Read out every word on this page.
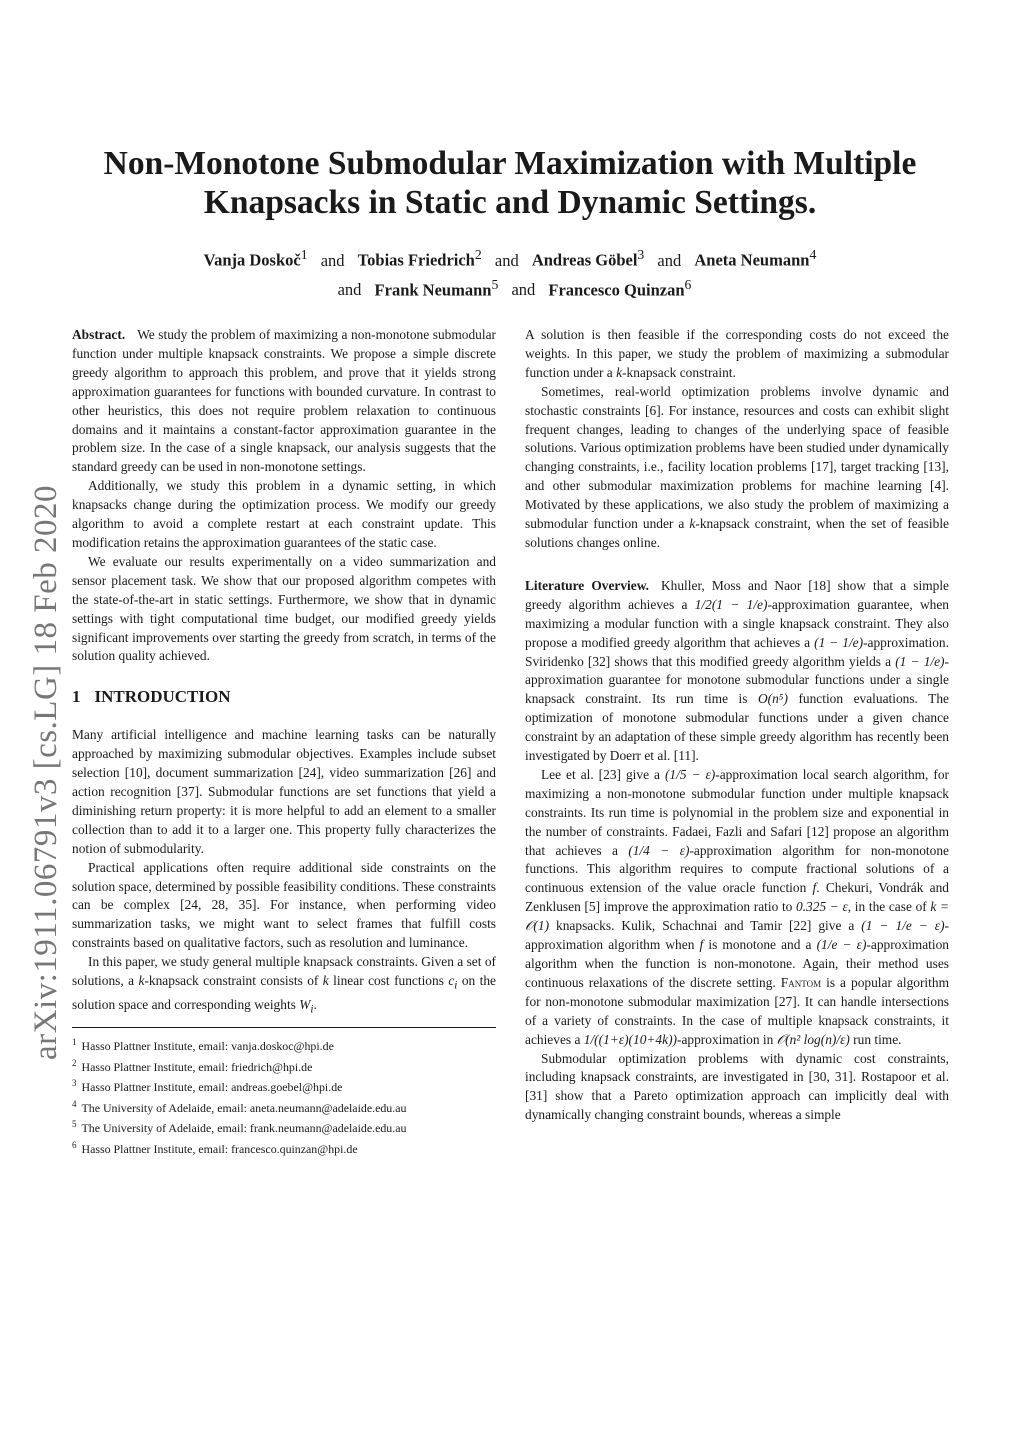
arXiv:1911.06791v3 [cs.LG] 18 Feb 2020
Non-Monotone Submodular Maximization with Multiple
Knapsacks in Static and Dynamic Settings.
Vanja Doskoč$^1$ and Tobias Friedrich$^2$ and Andreas Göbel$^3$ and Aneta Neumann$^4$
and Frank Neumann$^5$ and Francesco Quinzan$^6$

Abstract. We study the problem of maximizing a non-monotone submodular function under multiple knapsack constraints. We propose a simple discrete greedy algorithm to approach this problem, and prove that it yields strong approximation guarantees for functions with bounded curvature. In contrast to other heuristics, this does not require problem relaxation to continuous domains and it maintains a constant-factor approximation guarantee in the problem size. In the case of a single knapsack, our analysis suggests that the standard greedy can be used in non-monotone settings.

Additionally, we study this problem in a dynamic setting, in which knapsacks change during the optimization process. We modify our greedy algorithm to avoid a complete restart at each constraint update. This modification retains the approximation guarantees of the static case.

We evaluate our results experimentally on a video summarization and sensor placement task. We show that our proposed algorithm competes with the state-of-the-art in static settings. Furthermore, we show that in dynamic settings with tight computational time budget, our modified greedy yields significant improvements over starting the greedy from scratch, in terms of the solution quality achieved.

1 INTRODUCTION

Many artificial intelligence and machine learning tasks can be naturally approached by maximizing submodular objectives. Examples include subset selection [10], document summarization [24], video summarization [26] and action recognition [37]. Submodular functions are set functions that yield a diminishing return property: it is more helpful to add an element to a smaller collection than to add it to a larger one. This property fully characterizes the notion of submodularity.

Practical applications often require additional side constraints on the solution space, determined by possible feasibility conditions. These constraints can be complex [24, 28, 35]. For instance, when performing video summarization tasks, we might want to select frames that fulfill costs constraints based on qualitative factors, such as resolution and luminance.

In this paper, we study general multiple knapsack constraints. Given a set of solutions, a k-knapsack constraint consists of k linear cost functions $c_i$ on the solution space and corresponding weights $W_i$.

$^1$ Hasso Plattner Institute, email: vanja.doskoc@hpi.de
$^2$ Hasso Plattner Institute, email: friedrich@hpi.de
$^3$ Hasso Plattner Institute, email: andreas.goebel@hpi.de
$^4$ The University of Adelaide, email: aneta.neumann@adelaide.edu.au
$^5$ The University of Adelaide, email: frank.neumann@adelaide.edu.au
$^6$ Hasso Plattner Institute, email: francesco.quinzan@hpi.de

A solution is then feasible if the corresponding costs do not exceed the weights. In this paper, we study the problem of maximizing a submodular function under a k-knapsack constraint.

Sometimes, real-world optimization problems involve dynamic and stochastic constraints [6]. For instance, resources and costs can exhibit slight frequent changes, leading to changes of the underlying space of feasible solutions. Various optimization problems have been studied under dynamically changing constraints, i.e., facility location problems [17], target tracking [13], and other submodular maximization problems for machine learning [4]. Motivated by these applications, we also study the problem of maximizing a submodular function under a k-knapsack constraint, when the set of feasible solutions changes online.

Literature Overview. Khuller, Moss and Naor [18] show that a simple greedy algorithm achieves a 1/2(1 − 1/e)-approximation guarantee, when maximizing a modular function with a single knapsack constraint. They also propose a modified greedy algorithm that achieves a (1 − 1/e)-approximation. Sviridenko [32] shows that this modified greedy algorithm yields a (1 − 1/e)-approximation guarantee for monotone submodular functions under a single knapsack constraint. Its run time is O(n⁵) function evaluations. The optimization of monotone submodular functions under a given chance constraint by an adaptation of these simple greedy algorithm has recently been investigated by Doerr et al. [11].

Lee et al. [23] give a (1/5 − ε)-approximation local search algorithm, for maximizing a non-monotone submodular function under multiple knapsack constraints. Its run time is polynomial in the problem size and exponential in the number of constraints. Fadaei, Fazli and Safari [12] propose an algorithm that achieves a (1/4 − ε)-approximation algorithm for non-monotone functions. This algorithm requires to compute fractional solutions of a continuous extension of the value oracle function f. Chekuri, Vondrák and Zenklusen [5] improve the approximation ratio to 0.325 − ε, in the case of k = 𝒪(1) knapsacks. Kulik, Schachnai and Tamir [22] give a (1 − 1/e − ε)-approximation algorithm when f is monotone and a (1/e − ε)-approximation algorithm when the function is non-monotone. Again, their method uses continuous relaxations of the discrete setting. Fantom is a popular algorithm for non-monotone submodular maximization [27]. It can handle intersections of a variety of constraints. In the case of multiple knapsack constraints, it achieves a 1/((1+ε)(10+4k))-approximation in 𝒪(n² log(n)/ε) run time.

Submodular optimization problems with dynamic cost constraints, including knapsack constraints, are investigated in [30, 31]. Rostapoor et al. [31] show that a Pareto optimization approach can implicitly deal with dynamically changing constraint bounds, whereas a simple
